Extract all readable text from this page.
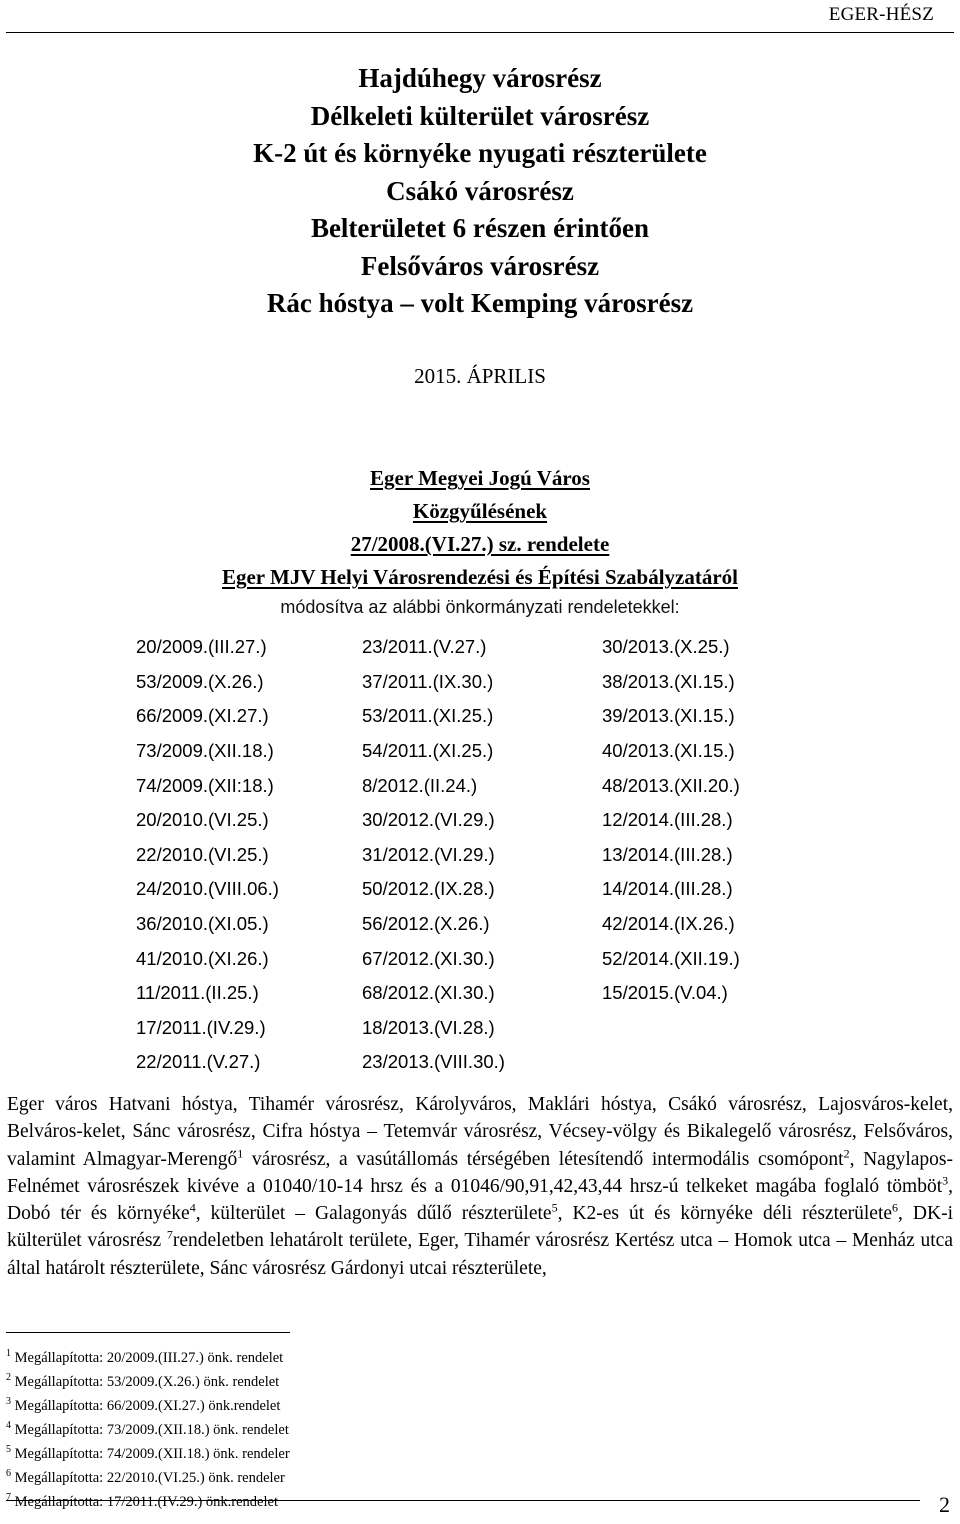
EGER-HÉSZ
Hajdúhegy városrész
Délkeleti külterület városrész
K-2 út és környéke nyugati részterülete
Csákó városrész
Belterületet 6 részen érintően
Felsőváros városrész
Rác hóstya – volt Kemping városrész
2015. ÁPRILIS
Eger Megyei Jogú Város
Közgyűlésének
27/2008.(VI.27.) sz. rendelete
Eger MJV Helyi Városrendezési és Építési Szabályzatáról
módosítva az alábbi önkormányzati rendeletekkel:
20/2009.(III.27.)	23/2011.(V.27.)	30/2013.(X.25.)
53/2009.(X.26.)	37/2011.(IX.30.)	38/2013.(XI.15.)
66/2009.(XI.27.)	53/2011.(XI.25.)	39/2013.(XI.15.)
73/2009.(XII.18.)	54/2011.(XI.25.)	40/2013.(XI.15.)
74/2009.(XII:18.)	8/2012.(II.24.)	48/2013.(XII.20.)
20/2010.(VI.25.)	30/2012.(VI.29.)	12/2014.(III.28.)
22/2010.(VI.25.)	31/2012.(VI.29.)	13/2014.(III.28.)
24/2010.(VIII.06.)	50/2012.(IX.28.)	14/2014.(III.28.)
36/2010.(XI.05.)	56/2012.(X.26.)	42/2014.(IX.26.)
41/2010.(XI.26.)	67/2012.(XI.30.)	52/2014.(XII.19.)
11/2011.(II.25.)	68/2012.(XI.30.)	15/2015.(V.04.)
17/2011.(IV.29.)	18/2013.(VI.28.)
22/2011.(V.27.)	23/2013.(VIII.30.)
Eger város Hatvani hóstya, Tihamér városrész, Károlyváros, Maklári hóstya, Csákó városrész, Lajosváros-kelet, Belváros-kelet, Sánc városrész, Cifra hóstya – Tetemvár városrész, Vécsey-völgy és Bikalegelő városrész, Felsőváros, valamint Almagyar-Merengő$^1$ városrész, a vasútállomás térségében létesítendő intermodális csomópont$^2$, Nagylapos-Felnémet városrészek kivéve a 01040/10-14 hrsz és a 01046/90,91,42,43,44 hrsz-ú telkeket magába foglaló tömböt$^3$, Dobó tér és környéke$^4$, külterület – Galagonyás dűlő részterülete$^5$, K2-es út és környéke déli részterülete$^6$, DK-i külterület városrész $^7$rendeletben lehatárolt területe, Eger, Tihamér városrész Kertész utca – Homok utca – Menház utca által határolt részterülete, Sánc városrész Gárdonyi utcai részterülete,
$^1$ Megállapította: 20/2009.(III.27.) önk. rendelet
$^2$ Megállapította: 53/2009.(X.26.) önk. rendelet
$^3$ Megállapította: 66/2009.(XI.27.) önk.rendelet
$^4$ Megállapította: 73/2009.(XII.18.) önk. rendelet
$^5$ Megállapította: 74/2009.(XII.18.) önk. rendeler
$^6$ Megállapította: 22/2010.(VI.25.) önk. rendeler
$^7$ Megállapította: 17/2011.(IV.29.) önk.rendelet	2
